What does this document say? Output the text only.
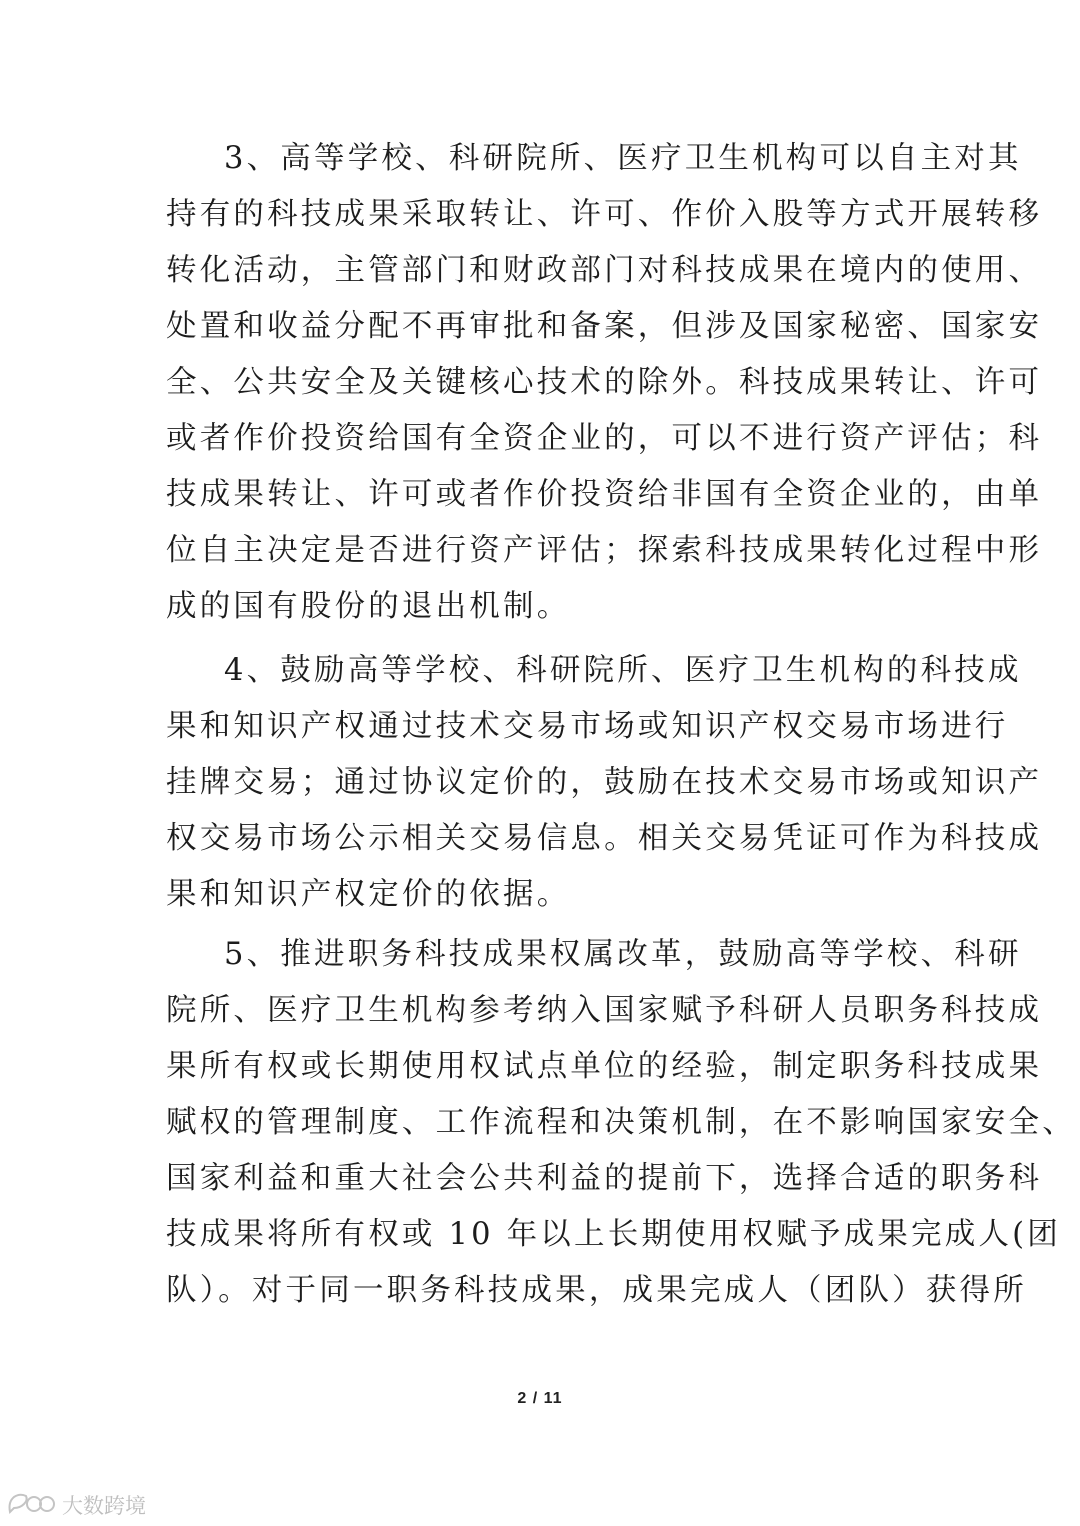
3、高等学校、科研院所、医疗卫生机构可以自主对其
持有的科技成果采取转让、许可、作价入股等方式开展转移
转化活动，主管部门和财政部门对科技成果在境内的使用、
处置和收益分配不再审批和备案，但涉及国家秘密、国家安
全、公共安全及关键核心技术的除外。科技成果转让、许可
或者作价投资给国有全资企业的，可以不进行资产评估；科
技成果转让、许可或者作价投资给非国有全资企业的，由单
位自主决定是否进行资产评估；探索科技成果转化过程中形
成的国有股份的退出机制。
4、鼓励高等学校、科研院所、医疗卫生机构的科技成
果和知识产权通过技术交易市场或知识产权交易市场进行
挂牌交易；通过协议定价的，鼓励在技术交易市场或知识产
权交易市场公示相关交易信息。相关交易凭证可作为科技成
果和知识产权定价的依据。
5、推进职务科技成果权属改革，鼓励高等学校、科研
院所、医疗卫生机构参考纳入国家赋予科研人员职务科技成
果所有权或长期使用权试点单位的经验，制定职务科技成果
赋权的管理制度、工作流程和决策机制，在不影响国家安全、
国家利益和重大社会公共利益的提前下，选择合适的职务科
技成果将所有权或 10 年以上长期使用权赋予成果完成人(团
队）。对于同一职务科技成果，成果完成人（团队）获得所
2 / 11
大数跨境
